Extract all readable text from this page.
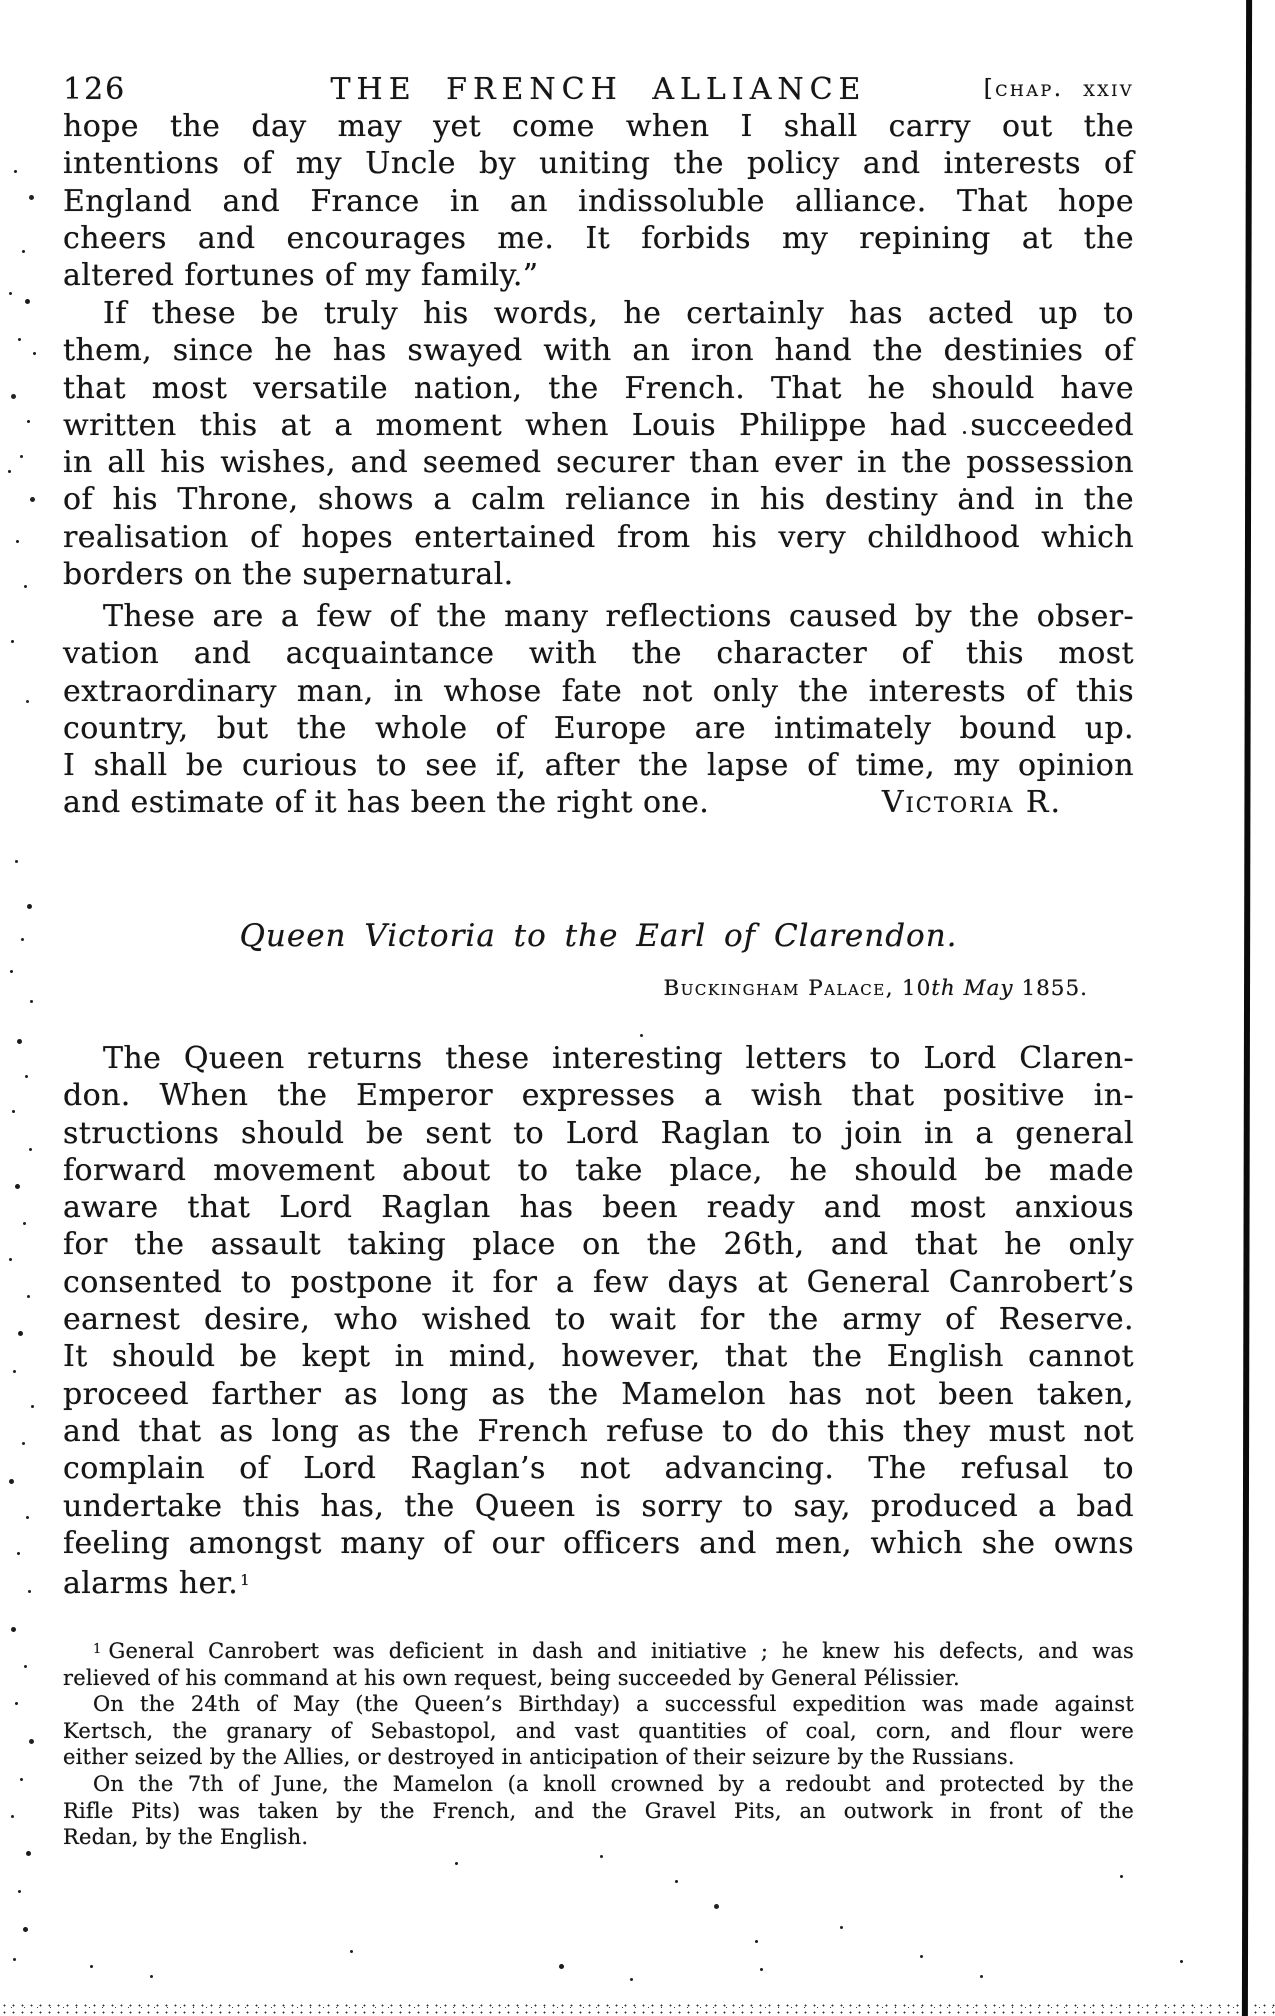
126	THE FRENCH ALLIANCE	[chap. xxiv
hope the day may yet come when I shall carry out the
intentions of my Uncle by uniting the policy and interests of
England and France in an indissoluble alliance. That hope
cheers and encourages me. It forbids my repining at the
altered fortunes of my family.”
If these be truly his words, he certainly has acted up to
them, since he has swayed with an iron hand the destinies of
that most versatile nation, the French. That he should have
written this at a moment when Louis Philippe had succeeded
in all his wishes, and seemed securer than ever in the possession
of his Throne, shows a calm reliance in his destiny and in the
realisation of hopes entertained from his very childhood which
borders on the supernatural.
These are a few of the many reflections caused by the obser-
vation and acquaintance with the character of this most
extraordinary man, in whose fate not only the interests of this
country, but the whole of Europe are intimately bound up.
I shall be curious to see if, after the lapse of time, my opinion
and estimate of it has been the right one.	Victoria R.
Queen Victoria to the Earl of Clarendon.
Buckingham Palace, 10th May 1855.
The Queen returns these interesting letters to Lord Claren-
don. When the Emperor expresses a wish that positive in-
structions should be sent to Lord Raglan to join in a general
forward movement about to take place, he should be made
aware that Lord Raglan has been ready and most anxious
for the assault taking place on the 26th, and that he only
consented to postpone it for a few days at General Canrobert’s
earnest desire, who wished to wait for the army of Reserve.
It should be kept in mind, however, that the English cannot
proceed farther as long as the Mamelon has not been taken,
and that as long as the French refuse to do this they must not
complain of Lord Raglan’s not advancing. The refusal to
undertake this has, the Queen is sorry to say, produced a bad
feeling amongst many of our officers and men, which she owns
alarms her. $^1$
$^1$ General Canrobert was deficient in dash and initiative ; he knew his defects, and was
relieved of his command at his own request, being succeeded by General Pélissier.
On the 24th of May (the Queen’s Birthday) a successful expedition was made against
Kertsch, the granary of Sebastopol, and vast quantities of coal, corn, and flour were
either seized by the Allies, or destroyed in anticipation of their seizure by the Russians.
On the 7th of June, the Mamelon (a knoll crowned by a redoubt and protected by the
Rifle Pits) was taken by the French, and the Gravel Pits, an outwork in front of the
Redan, by the English.
